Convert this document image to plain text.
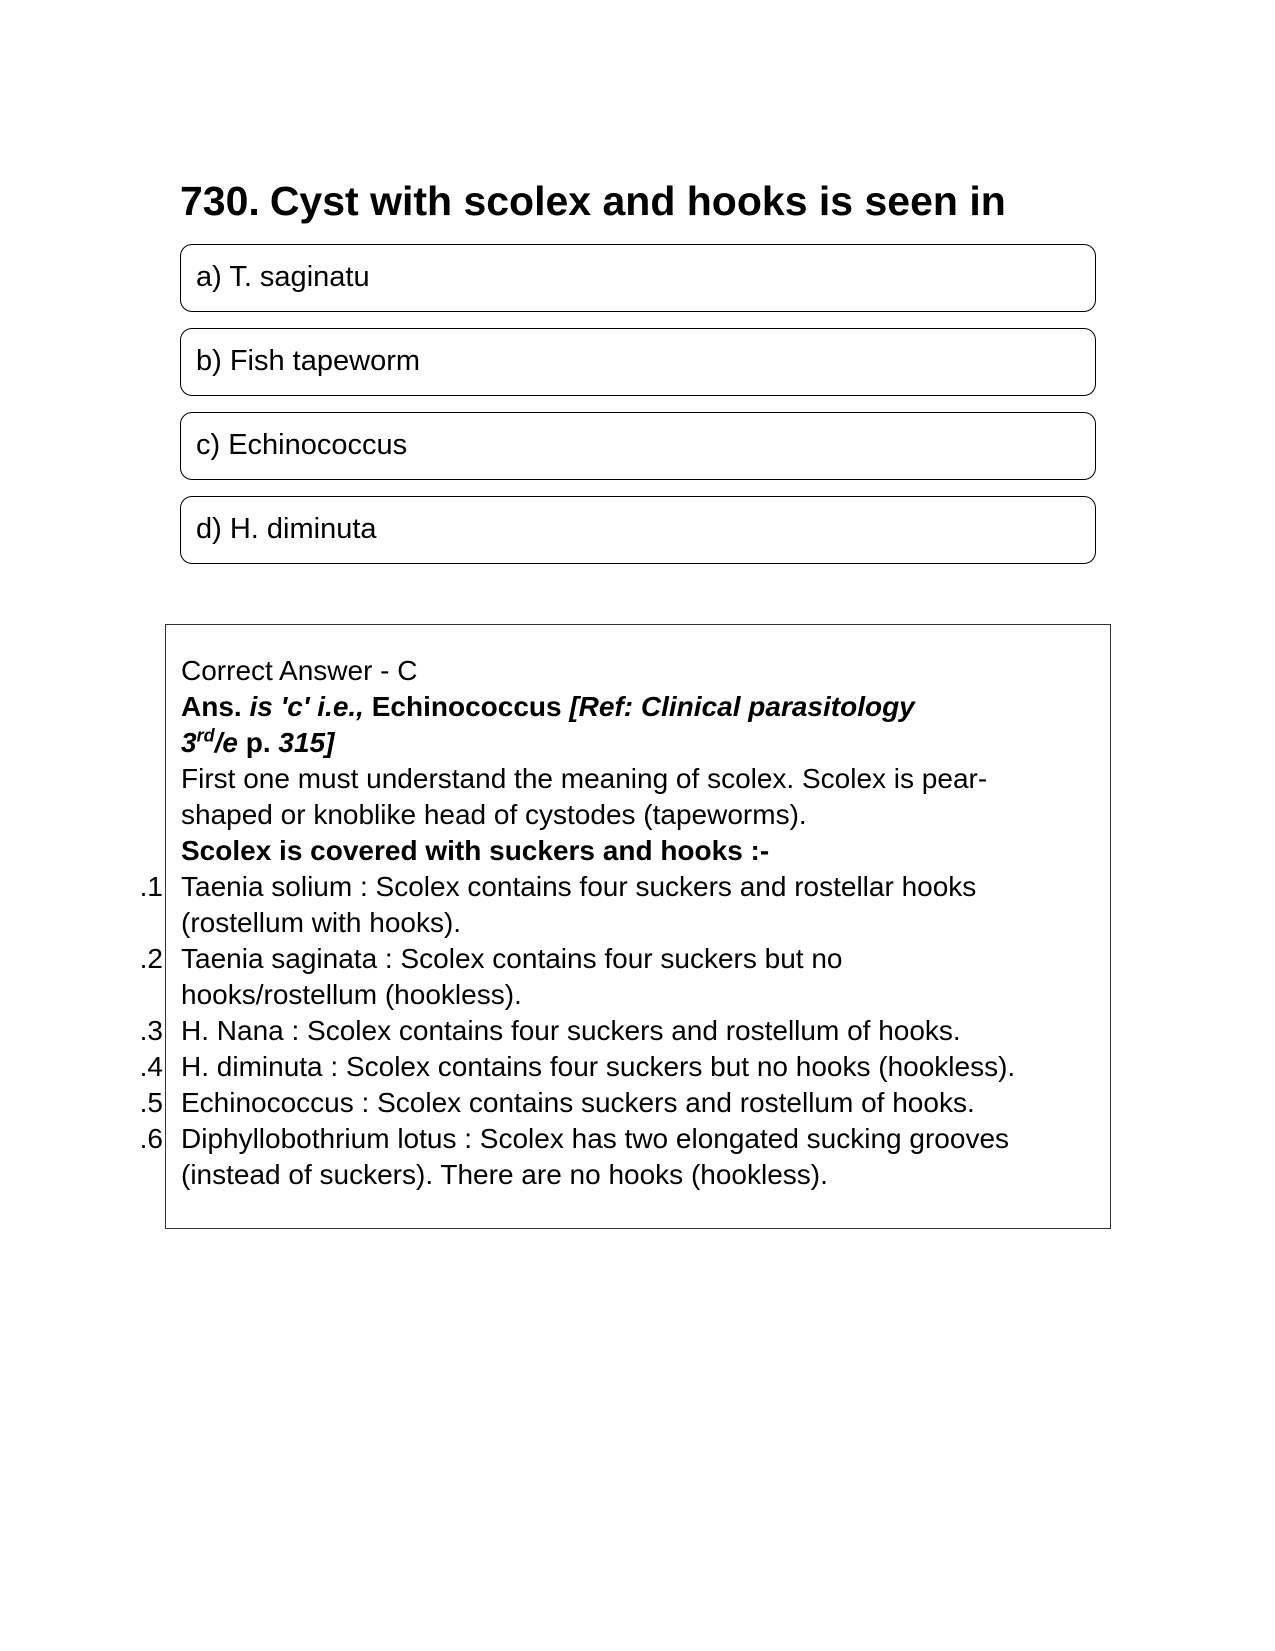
730. Cyst with scolex and hooks is seen in
a) T. saginatu
b) Fish tapeworm
c) Echinococcus
d) H. diminuta
Correct Answer - C
Ans. is 'c' i.e., Echinococcus [Ref: Clinical parasitology
3rd/e p. 315]
First one must understand the meaning of scolex. Scolex is pear-
shaped or knoblike head of cystodes (tapeworms).
Scolex is covered with suckers and hooks :-
1. Taenia solium : Scolex contains four suckers and rostellar hooks
(rostellum with hooks).
2. Taenia saginata : Scolex contains four suckers but no
hooks/rostellum (hookless).
3. H. Nana : Scolex contains four suckers and rostellum of hooks.
4. H. diminuta : Scolex contains four suckers but no hooks (hookless).
5. Echinococcus : Scolex contains suckers and rostellum of hooks.
6. Diphyllobothrium lotus : Scolex has two elongated sucking grooves
(instead of suckers). There are no hooks (hookless).
